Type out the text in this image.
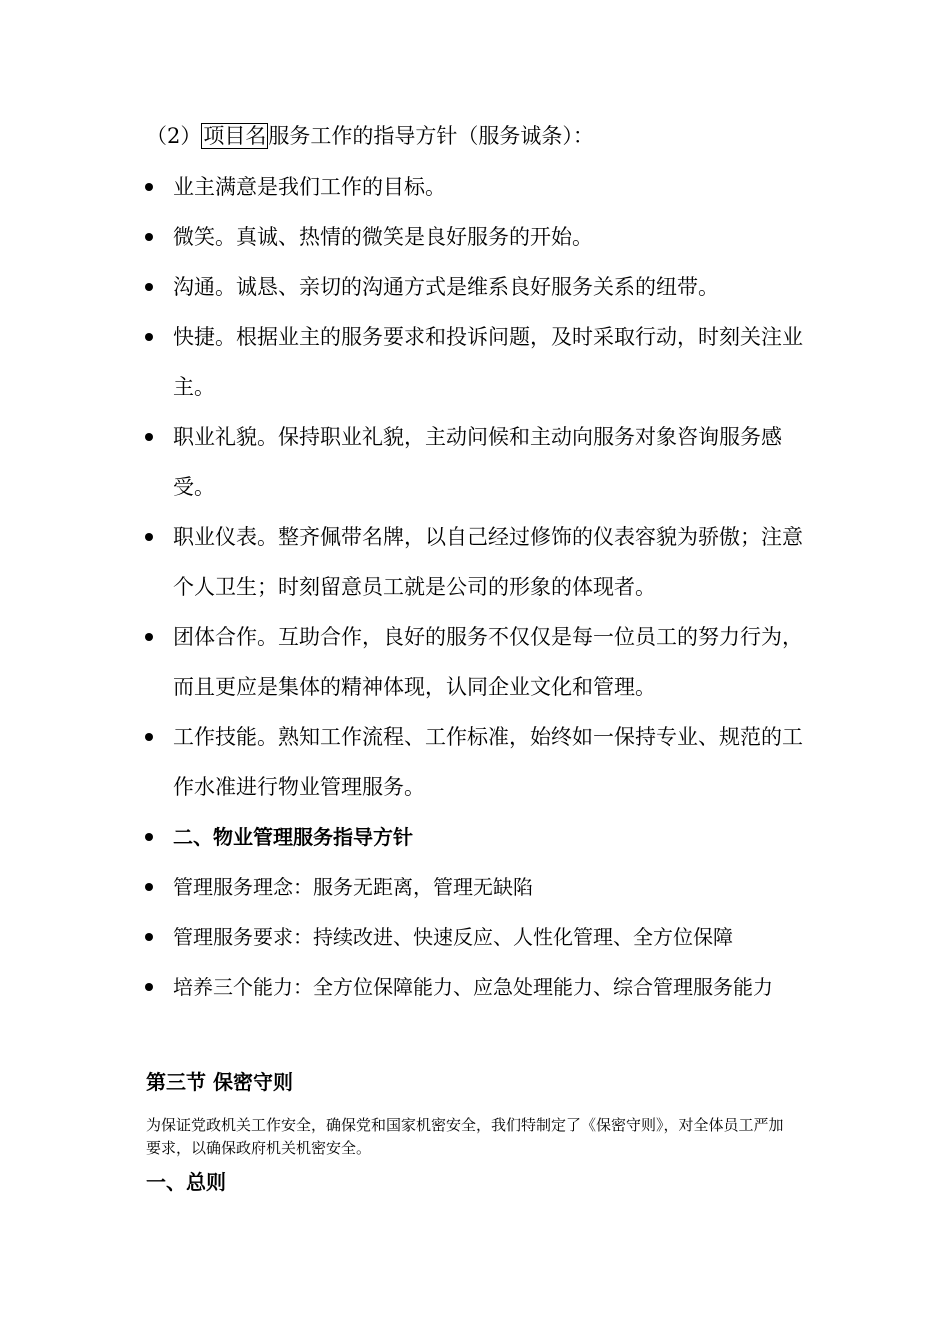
（2）项目名服务工作的指导方针（服务诚条）：
业主满意是我们工作的目标。
微笑。真诚、热情的微笑是良好服务的开始。
沟通。诚恳、亲切的沟通方式是维系良好服务关系的纽带。
快捷。根据业主的服务要求和投诉问题，及时采取行动，时刻关注业主。
职业礼貌。保持职业礼貌，主动问候和主动向服务对象咨询服务感受。
职业仪表。整齐佩带名牌，以自己经过修饰的仪表容貌为骄傲；注意个人卫生；时刻留意员工就是公司的形象的体现者。
团体合作。互助合作，良好的服务不仅仅是每一位员工的努力行为，而且更应是集体的精神体现，认同企业文化和管理。
工作技能。熟知工作流程、工作标准，始终如一保持专业、规范的工作水准进行物业管理服务。
二、物业管理服务指导方针
管理服务理念：服务无距离，管理无缺陷
管理服务要求：持续改进、快速反应、人性化管理、全方位保障
培养三个能力：全方位保障能力、应急处理能力、综合管理服务能力
第三节 保密守则
为保证党政机关工作安全，确保党和国家机密安全，我们特制定了《保密守则》，对全体员工严加要求，以确保政府机关机密安全。
一、总则
